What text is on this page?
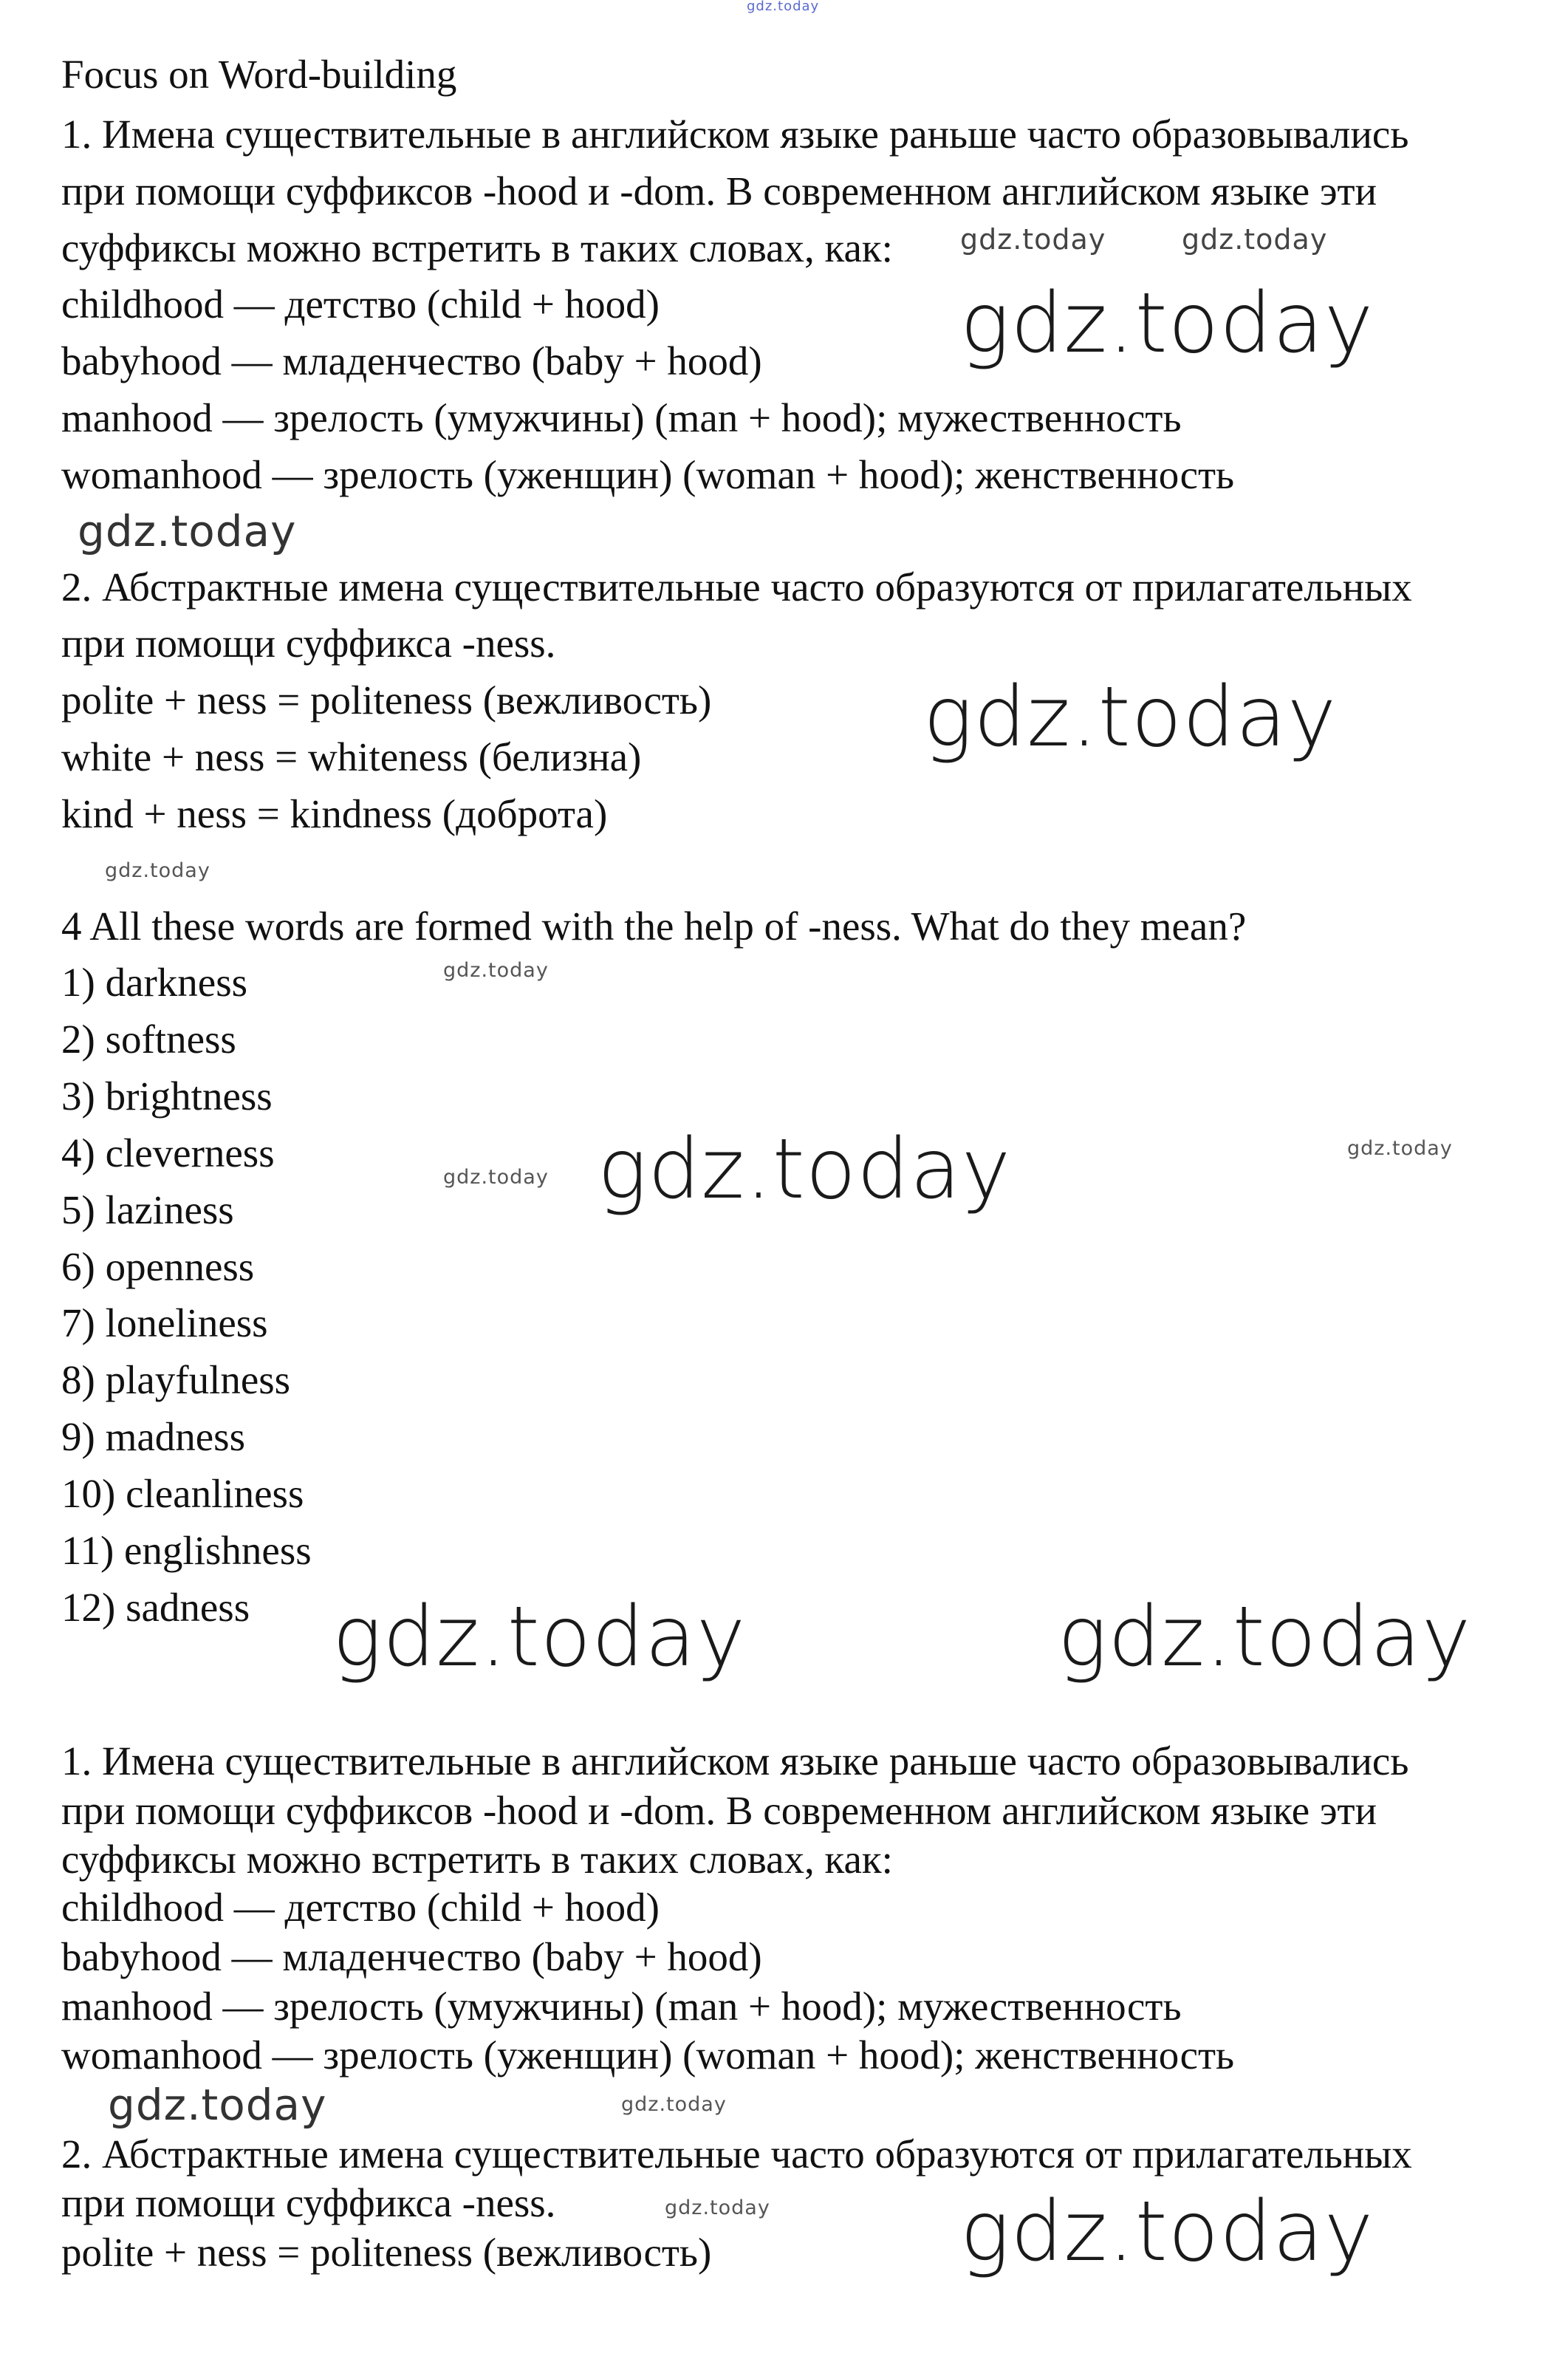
Focus on Word-building
1. Имена существительные в английском языке раньше часто образовывались
при помощи суффиксов -hood и -dom. В современном английском языке эти
суффиксы можно встретить в таких словах, как:
childhood — детство (child + hood)
babyhood — младенчество (baby + hood)
manhood — зрелость (умужчины) (man + hood); мужественность
womanhood — зрелость (уженщин) (woman + hood); женственность
2. Абстрактные имена существительные часто образуются от прилагательных
при помощи суффикса -ness.
polite + ness = politeness (вежливость)
white + ness = whiteness (белизна)
kind + ness = kindness (доброта)
4 All these words are formed with the help of -ness. What do they mean?
1) darkness
2) softness
3) brightness
4) cleverness
5) laziness
6) openness
7) loneliness
8) playfulness
9) madness
10) cleanliness
11) englishness
12) sadness
1. Имена существительные в английском языке раньше часто образовывались
при помощи суффиксов -hood и -dom. В современном английском языке эти
суффиксы можно встретить в таких словах, как:
childhood — детство (child + hood)
babyhood — младенчество (baby + hood)
manhood — зрелость (умужчины) (man + hood); мужественность
womanhood — зрелость (уженщин) (woman + hood); женственность
2. Абстрактные имена существительные часто образуются от прилагательных
при помощи суффикса -ness.
polite + ness = politeness (вежливость)
gdz.today
gdz.today	gdz.today
gdz.today
gdz.today
gdz.today
gdz.today
gdz.today
gdz.today
gdz.today
gdz.today
gdz.today	gdz.today
gdz.today	gdz.today
gdz.today
gdz.today
